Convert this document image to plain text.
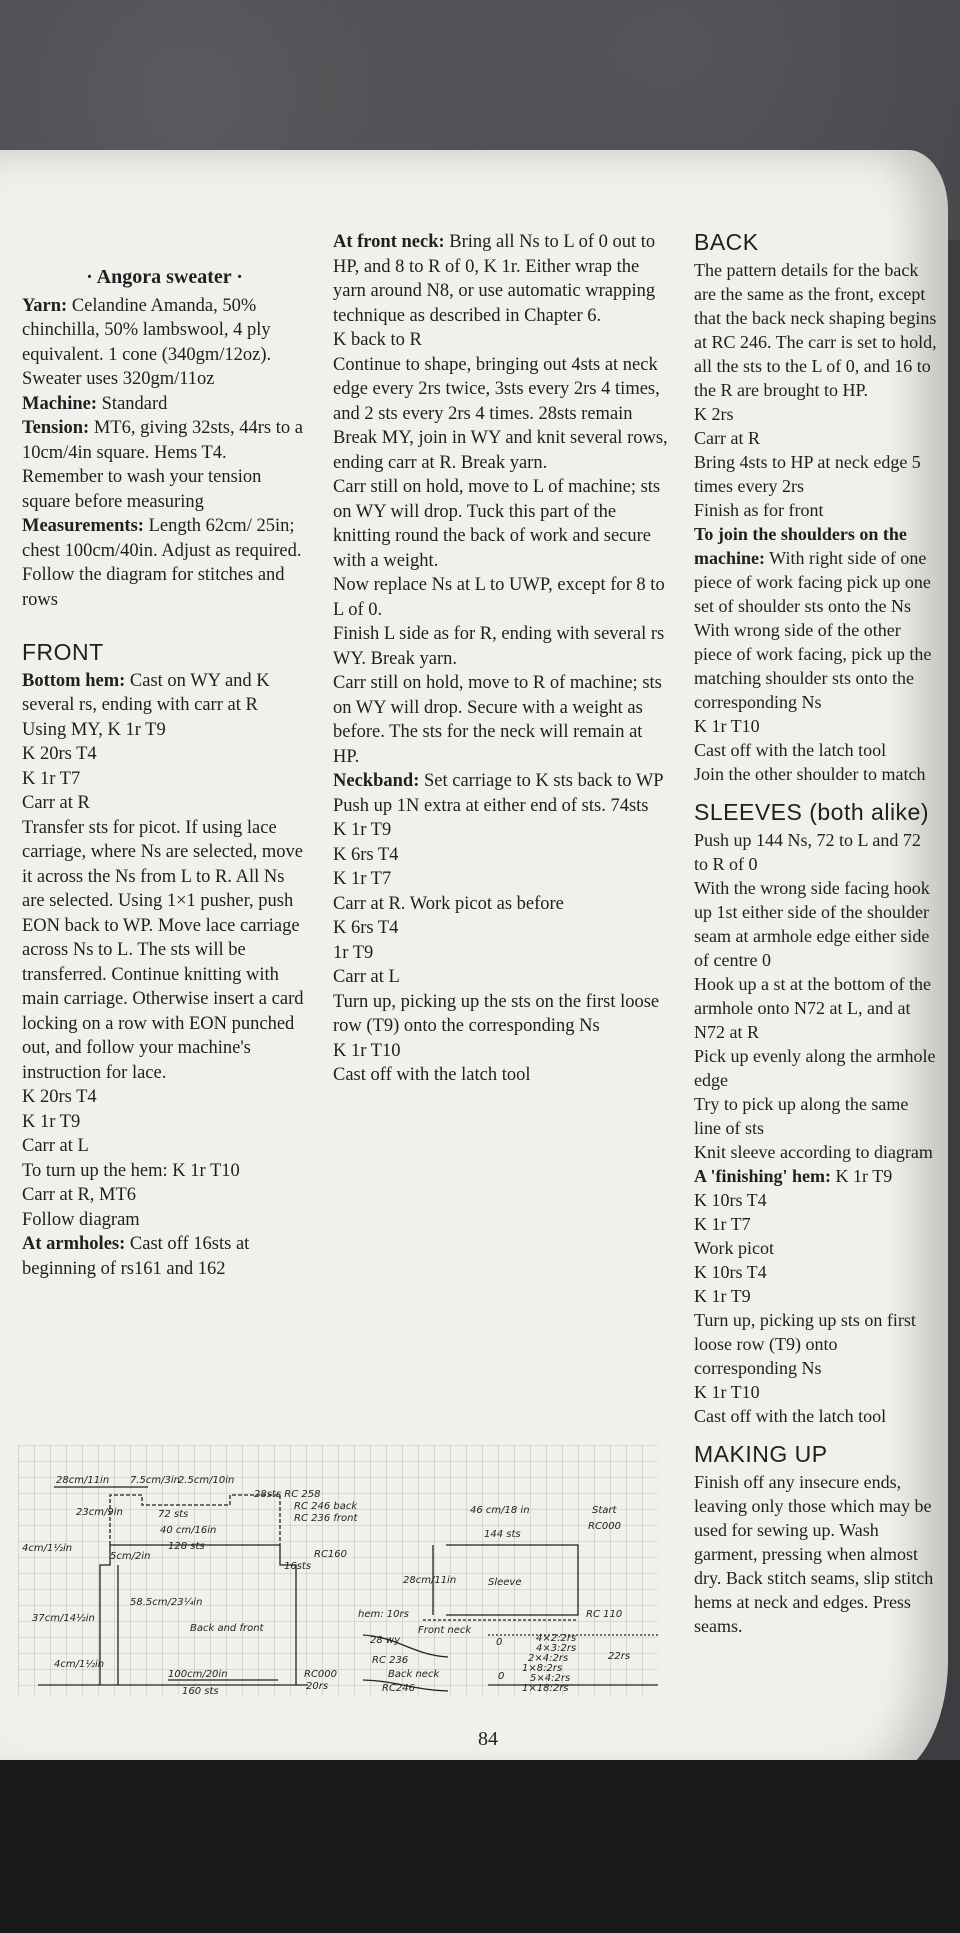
· Angora sweater ·

Yarn: Celandine Amanda, 50% chinchilla, 50% lambswool, 4 ply equivalent. 1 cone (340gm/12oz). Sweater uses 320gm/11oz

Machine: Standard

Tension: MT6, giving 32sts, 44rs to a 10cm/4in square. Hems T4. Remember to wash your tension square before measuring

Measurements: Length 62cm/ 25in; chest 100cm/40in. Adjust as required. Follow the diagram for stitches and rows

FRONT

Bottom hem: Cast on WY and K several rs, ending with carr at R

Using MY, K 1r T9

K 20rs T4

K 1r T7

Carr at R

Transfer sts for picot. If using lace carriage, where Ns are selected, move it across the Ns from L to R. All Ns are selected. Using 1×1 pusher, push EON back to WP. Move lace carriage across Ns to L. The sts will be transferred. Continue knitting with main carriage. Otherwise insert a card locking on a row with EON punched out, and follow your machine's instruction for lace.

K 20rs T4

K 1r T9

Carr at L

To turn up the hem: K 1r T10

Carr at R, MT6

Follow diagram

At armholes: Cast off 16sts at beginning of rs161 and 162

At front neck: Bring all Ns to L of 0 out to HP, and 8 to R of 0, K 1r. Either wrap the yarn around N8, or use automatic wrapping technique as described in Chapter 6.

K back to R

Continue to shape, bringing out 4sts at neck edge every 2rs twice, 3sts every 2rs 4 times, and 2 sts every 2rs 4 times. 28sts remain

Break MY, join in WY and knit several rows, ending carr at R. Break yarn.

Carr still on hold, move to L of machine; sts on WY will drop. Tuck this part of the knitting round the back of work and secure with a weight.

Now replace Ns at L to UWP, except for 8 to L of 0.

Finish L side as for R, ending with several rs WY. Break yarn.

Carr still on hold, move to R of machine; sts on WY will drop. Secure with a weight as before. The sts for the neck will remain at HP.

Neckband: Set carriage to K sts back to WP

Push up 1N extra at either end of sts. 74sts

K 1r T9

K 6rs T4

K 1r T7

Carr at R. Work picot as before

K 6rs T4

1r T9

Carr at L

Turn up, picking up the sts on the first loose row (T9) onto the corresponding Ns

K 1r T10

Cast off with the latch tool

BACK

The pattern details for the back are the same as the front, except that the back neck shaping begins at RC 246. The carr is set to hold, all the sts to the L of 0, and 16 to the R are brought to HP.

K 2rs

Carr at R

Bring 4sts to HP at neck edge 5 times every 2rs

Finish as for front

To join the shoulders on the machine: With right side of one piece of work facing pick up one set of shoulder sts onto the Ns

With wrong side of the other piece of work facing, pick up the matching shoulder sts onto the corresponding Ns

K 1r T10

Cast off with the latch tool

Join the other shoulder to match

SLEEVES (both alike)

Push up 144 Ns, 72 to L and 72 to R of 0

With the wrong side facing hook up 1st either side of the shoulder seam at armhole edge either side of centre 0

Hook up a st at the bottom of the armhole onto N72 at L, and at N72 at R

Pick up evenly along the armhole edge

Try to pick up along the same line of sts

Knit sleeve according to diagram

A 'finishing' hem: K 1r T9

K 10rs T4

K 1r T7

Work picot

K 10rs T4

K 1r T9

Turn up, picking up sts on first loose row (T9) onto corresponding Ns

K 1r T10

Cast off with the latch tool

MAKING UP

Finish off any insecure ends, leaving only those which may be used for sewing up. Wash garment, pressing when almost dry. Back stitch seams, slip stitch hems at neck and edges. Press seams.

28cm/11in 7.5cm/3in
2.5cm/10in
28sts RC 258
RC 246 back
RC 236 front
23cm/9in	72 sts
40 cm/16in
128 sts
4cm/1½in
5cm/2in
16sts
RC160
46 cm/18 in	Start
RC000
144 sts
28cm/11in	Sleeve
hem: 10rs	RC 110
58.5cm/23¼in
Back and front
37cm/14½in
Front neck
28 wy	0	4×2:2rs
4×3:2rs
2×4:2rs
1×8:2rs
22rs
RC 236
Back neck
RC246
0	5×4:2rs
1×18:2rs
4cm/1½in
RC000
20rs
100cm/20in
160 sts
84
